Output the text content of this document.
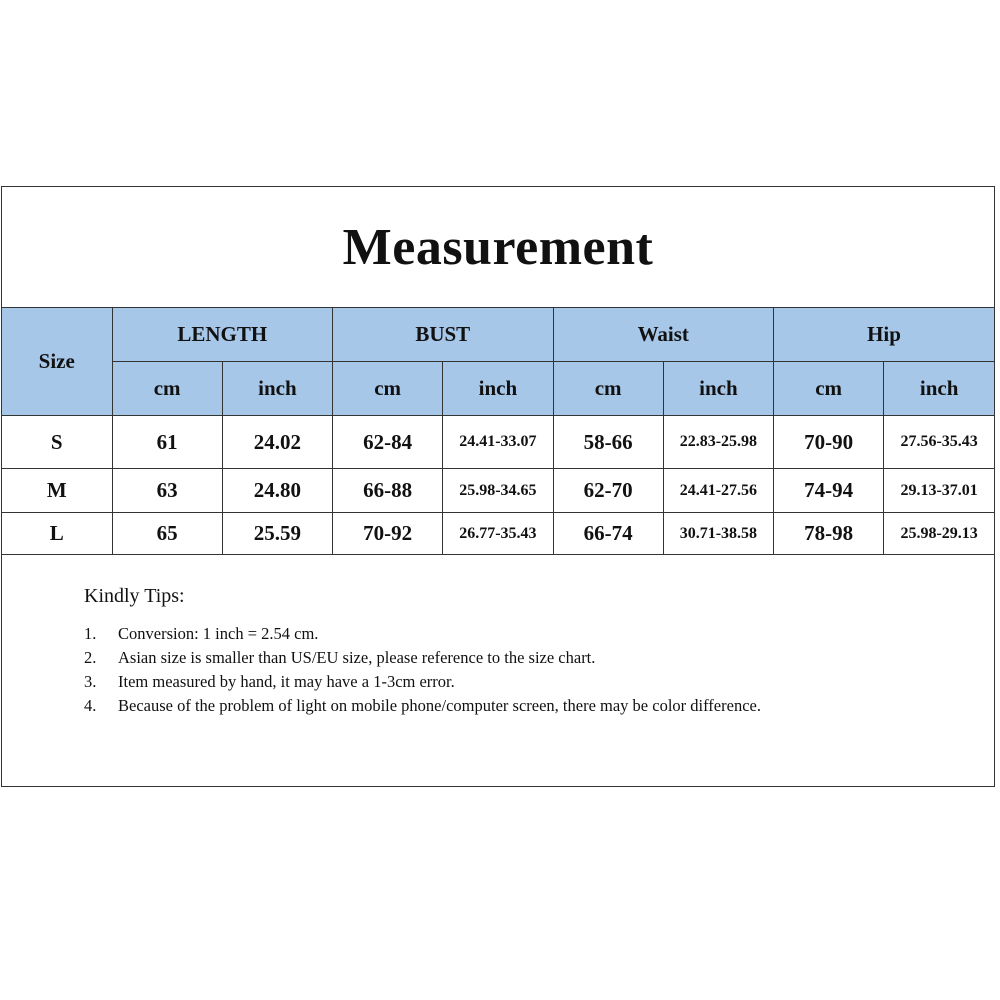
Measurement
Size	LENGTH		BUST		Waist		Hip	
	cm	inch	cm	inch	cm	inch	cm	inch
S	61	24.02	62-84	24.41-33.07	58-66	22.83-25.98	70-90	27.56-35.43
M	63	24.80	66-88	25.98-34.65	62-70	24.41-27.56	74-94	29.13-37.01
L	65	25.59	70-92	26.77-35.43	66-74	30.71-38.58	78-98	25.98-29.13
Kindly Tips:
1.	Conversion: 1 inch = 2.54 cm.
2.	Asian size is smaller than US/EU size, please reference to the size chart.
3.	Item measured by hand, it may have a 1-3cm error.
4.	Because of the problem of light on mobile phone/computer screen, there may be color difference.
